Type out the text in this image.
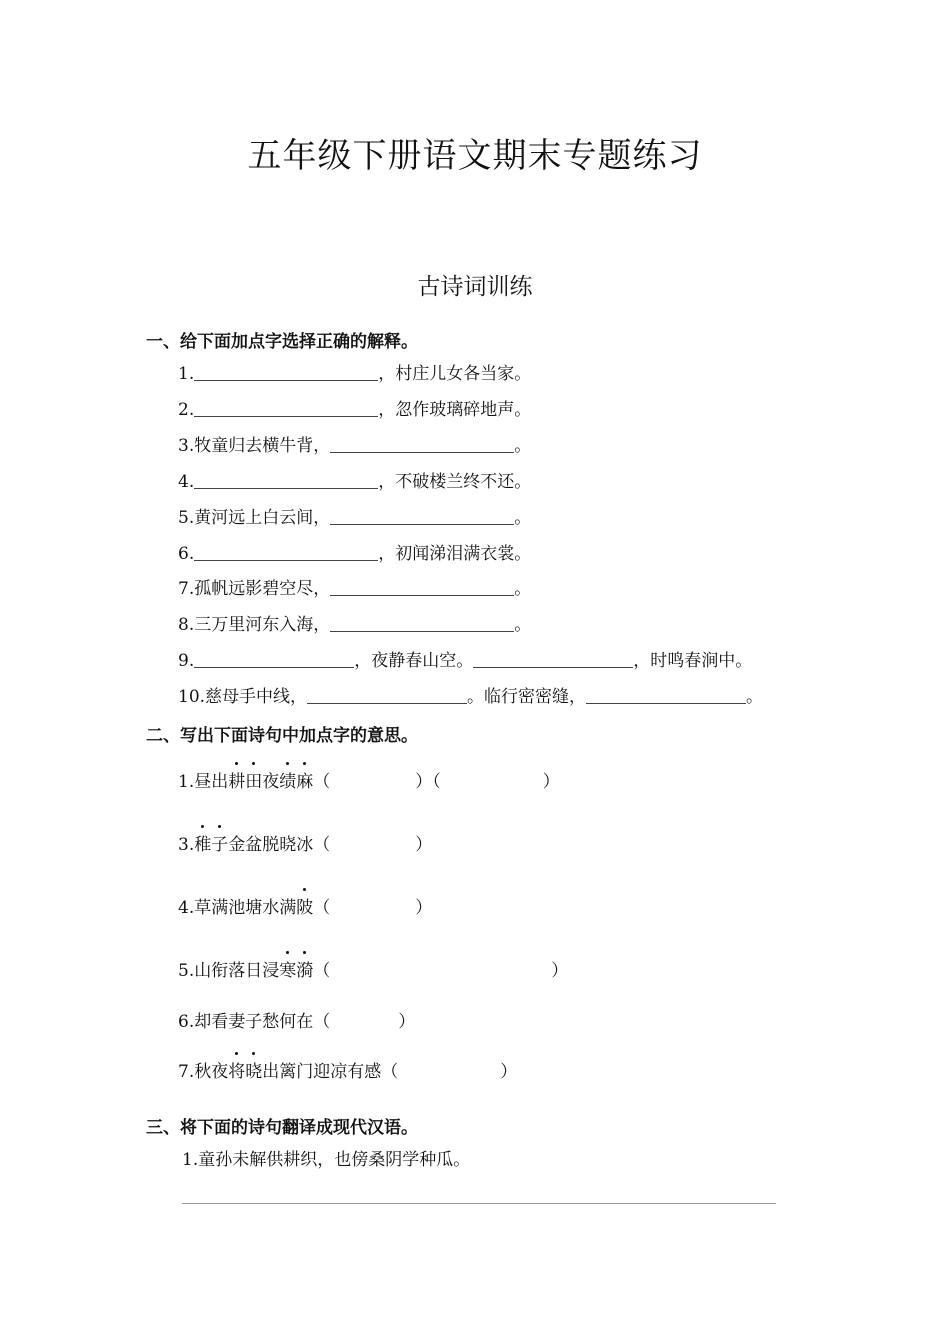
五年级下册语文期末专题练习
古诗词训练
一、给下面加点字选择正确的解释。
1.	，村庄儿女各当家。
2.	，忽作玻璃碎地声。
3.牧童归去横牛背，	。
4.	，不破楼兰终不还。
5.黄河远上白云间，	。
6.	，初闻涕泪满衣裳。
7.孤帆远影碧空尽，	。
8.三万里河东入海，	。
9.	，夜静春山空。	，时鸣春涧中。
10.慈母手中线，	。临行密密缝，	。
二、写出下面诗句中加点字的意思。
1.昼出耕田夜绩麻（　　　　　）（　　　　　　）
3.稚子金盆脱晓冰（　　　　　）
4.草满池塘水满陂（　　　　　）
5.山衔落日浸寒漪（　　　　　　　　　　　　　）
6.却看妻子愁何在（　　　　）
7.秋夜将晓出篱门迎凉有感（　　　　　　）
三、将下面的诗句翻译成现代汉语。
1.童孙未解供耕织，也傍桑阴学种瓜。
